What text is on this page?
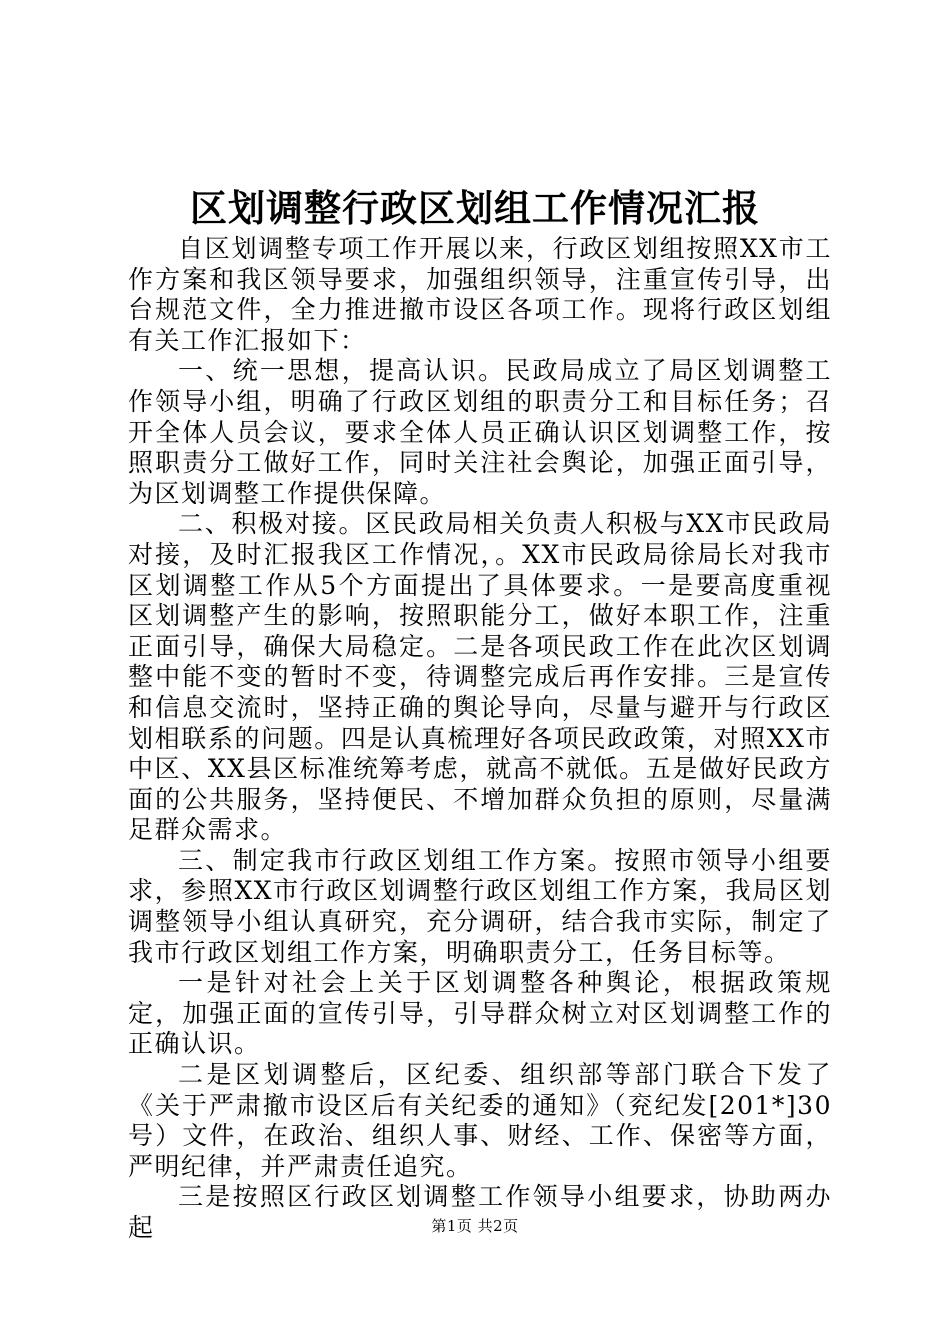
区划调整行政区划组工作情况汇报

自区划调整专项工作开展以来，行政区划组按照XX市工作方案和我区领导要求，加强组织领导，注重宣传引导，出台规范文件，全力推进撤市设区各项工作。现将行政区划组有关工作汇报如下：

一、统一思想，提高认识。民政局成立了局区划调整工作领导小组，明确了行政区划组的职责分工和目标任务；召开全体人员会议，要求全体人员正确认识区划调整工作，按照职责分工做好工作，同时关注社会舆论，加强正面引导，为区划调整工作提供保障。

二、积极对接。区民政局相关负责人积极与XX市民政局对接，及时汇报我区工作情况，。XX市民政局徐局长对我市区划调整工作从5个方面提出了具体要求。一是要高度重视区划调整产生的影响，按照职能分工，做好本职工作，注重正面引导，确保大局稳定。二是各项民政工作在此次区划调整中能不变的暂时不变，待调整完成后再作安排。三是宣传和信息交流时，坚持正确的舆论导向，尽量与避开与行政区划相联系的问题。四是认真梳理好各项民政政策，对照XX市中区、XX县区标准统筹考虑，就高不就低。五是做好民政方面的公共服务，坚持便民、不增加群众负担的原则，尽量满足群众需求。

三、制定我市行政区划组工作方案。按照市领导小组要求，参照XX市行政区划调整行政区划组工作方案，我局区划调整领导小组认真研究，充分调研，结合我市实际，制定了我市行政区划组工作方案，明确职责分工，任务目标等。

一是针对社会上关于区划调整各种舆论，根据政策规定，加强正面的宣传引导，引导群众树立对区划调整工作的正确认识。

二是区划调整后，区纪委、组织部等部门联合下发了《关于严肃撤市设区后有关纪委的通知》（兖纪发[201*]30号）文件，在政治、组织人事、财经、工作、保密等方面，严明纪律，并严肃责任追究。

三是按照区行政区划调整工作领导小组要求，协助两办起	第1页 共2页
